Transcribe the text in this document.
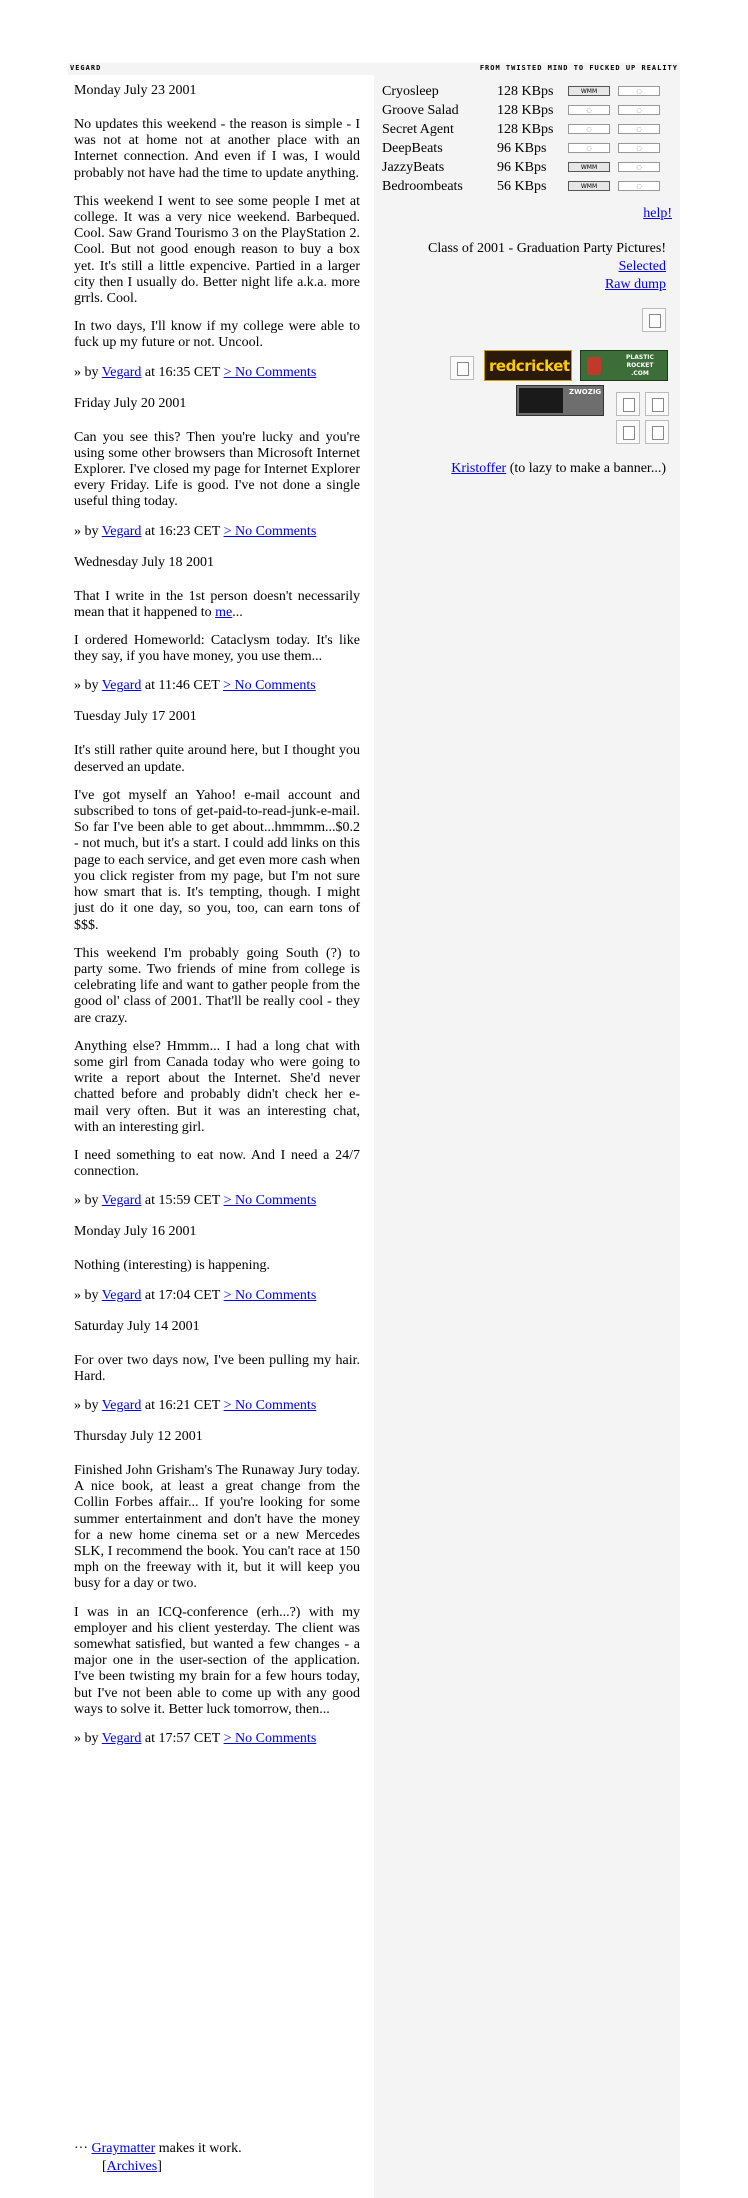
VEGARD	FROM TWISTED MIND TO FUCKED UP REALITY
Monday July 23 2001

No updates this weekend - the reason is simple - I was not at home not at another place with an Internet connection. And even if I was, I would probably not have had the time to update anything.

This weekend I went to see some people I met at college. It was a very nice weekend. Barbequed. Cool. Saw Grand Tourismo 3 on the PlayStation 2. Cool. But not good enough reason to buy a box yet. It's still a little expencive. Partied in a larger city then I usually do. Better night life a.k.a. more grrls. Cool.

In two days, I'll know if my college were able to fuck up my future or not. Uncool.

» by Vegard at 16:35 CET > No Comments
Friday July 20 2001

Can you see this? Then you're lucky and you're using some other browsers than Microsoft Internet Explorer. I've closed my page for Internet Explorer every Friday. Life is good. I've not done a single useful thing today.

» by Vegard at 16:23 CET > No Comments
Wednesday July 18 2001

That I write in the 1st person doesn't necessarily mean that it happened to me...

I ordered Homeworld: Cataclysm today. It's like they say, if you have money, you use them...

» by Vegard at 11:46 CET > No Comments
Tuesday July 17 2001

It's still rather quite around here, but I thought you deserved an update.

I've got myself an Yahoo! e-mail account and subscribed to tons of get-paid-to-read-junk-e-mail. So far I've been able to get about...hmmmm...$0.2 - not much, but it's a start. I could add links on this page to each service, and get even more cash when you click register from my page, but I'm not sure how smart that is. It's tempting, though. I might just do it one day, so you, too, can earn tons of $$$.

This weekend I'm probably going South (?) to party some. Two friends of mine from college is celebrating life and want to gather people from the good ol' class of 2001. That'll be really cool - they are crazy.

Anything else? Hmmm... I had a long chat with some girl from Canada today who were going to write a report about the Internet. She'd never chatted before and probably didn't check her e-mail very often. But it was an interesting chat, with an interesting girl.

I need something to eat now. And I need a 24/7 connection.

» by Vegard at 15:59 CET > No Comments
Monday July 16 2001

Nothing (interesting) is happening.

» by Vegard at 17:04 CET > No Comments
Saturday July 14 2001

For over two days now, I've been pulling my hair. Hard.

» by Vegard at 16:21 CET > No Comments
Thursday July 12 2001

Finished John Grisham's The Runaway Jury today. A nice book, at least a great change from the Collin Forbes affair... If you're looking for some summer entertainment and don't have the money for a new home cinema set or a new Mercedes SLK, I recommend the book. You can't race at 150 mph on the freeway with it, but it will keep you busy for a day or two.

I was in an ICQ-conference (erh...?) with my employer and his client yesterday. The client was somewhat satisfied, but wanted a few changes - a major one in the user-section of the application. I've been twisting my brain for a few hours today, but I've not been able to come up with any good ways to solve it. Better luck tomorrow, then...

» by Vegard at 17:57 CET > No Comments
Cryosleep	128 KBps	WMM	◌
Groove Salad	128 KBps	◌	◌
Secret Agent	128 KBps	◌	◌
DeepBeats	96 KBps	◌	◌
JazzyBeats	96 KBps	WMM	◌
Bedroombeats 56 KBps	WMM	◌
help!
Class of 2001 - Graduation Party Pictures!
Selected
Raw dump
redcricket	PLASTIC ROCKET .COM
ZWOZIG
Kristoffer (to lazy to make a banner...)
··· Graymatter makes it work.
[Archives]
